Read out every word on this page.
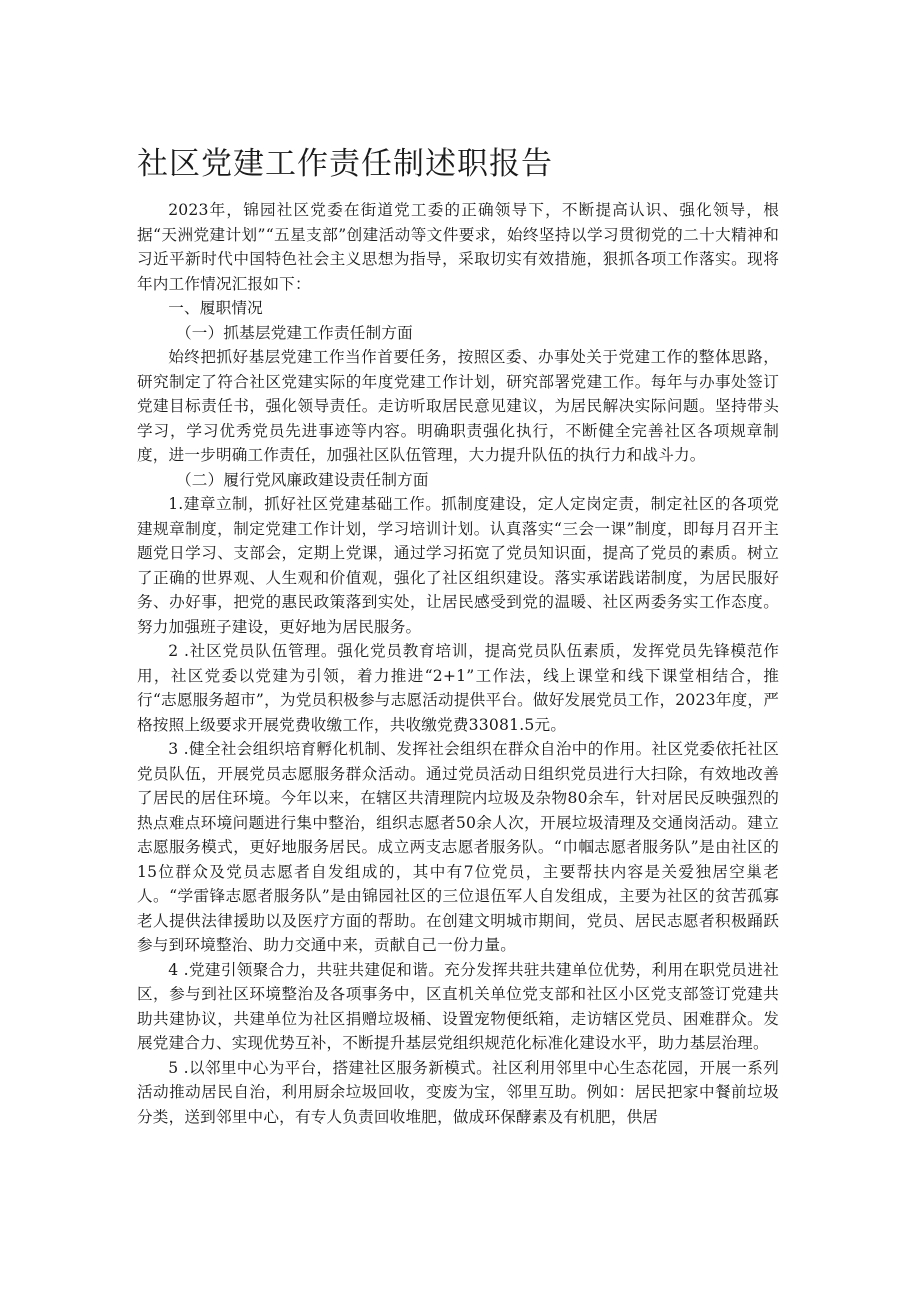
社区党建工作责任制述职报告

2023年，锦园社区党委在街道党工委的正确领导下，不断提高认识、强化领导，根据“天洲党建计划”“五星支部”创建活动等文件要求，始终坚持以学习贯彻党的二十大精神和习近平新时代中国特色社会主义思想为指导，采取切实有效措施，狠抓各项工作落实。现将年内工作情况汇报如下：

一、履职情况

（一）抓基层党建工作责任制方面

始终把抓好基层党建工作当作首要任务，按照区委、办事处关于党建工作的整体思路，研究制定了符合社区党建实际的年度党建工作计划，研究部署党建工作。每年与办事处签订党建目标责任书，强化领导责任。走访听取居民意见建议，为居民解决实际问题。坚持带头学习，学习优秀党员先进事迹等内容。明确职责强化执行，不断健全完善社区各项规章制度，进一步明确工作责任，加强社区队伍管理，大力提升队伍的执行力和战斗力。

（二）履行党风廉政建设责任制方面

1.建章立制，抓好社区党建基础工作。抓制度建设，定人定岗定责，制定社区的各项党建规章制度，制定党建工作计划，学习培训计划。认真落实“三会一课”制度，即每月召开主题党日学习、支部会，定期上党课，通过学习拓宽了党员知识面，提高了党员的素质。树立了正确的世界观、人生观和价值观，强化了社区组织建设。落实承诺践诺制度，为居民服好务、办好事，把党的惠民政策落到实处，让居民感受到党的温暖、社区两委务实工作态度。努力加强班子建设，更好地为居民服务。

2 .社区党员队伍管理。强化党员教育培训，提高党员队伍素质，发挥党员先锋模范作用，社区党委以党建为引领，着力推进“2+1”工作法，线上课堂和线下课堂相结合，推行“志愿服务超市”，为党员积极参与志愿活动提供平台。做好发展党员工作，2023年度，严格按照上级要求开展党费收缴工作，共收缴党费33081.5元。

3 .健全社会组织培育孵化机制、发挥社会组织在群众自治中的作用。社区党委依托社区党员队伍，开展党员志愿服务群众活动。通过党员活动日组织党员进行大扫除，有效地改善了居民的居住环境。今年以来，在辖区共清理院内垃圾及杂物80余车，针对居民反映强烈的热点难点环境问题进行集中整治，组织志愿者50余人次，开展垃圾清理及交通岗活动。建立志愿服务模式，更好地服务居民。成立两支志愿者服务队。“巾帼志愿者服务队”是由社区的15位群众及党员志愿者自发组成的，其中有7位党员，主要帮扶内容是关爱独居空巢老人。“学雷锋志愿者服务队”是由锦园社区的三位退伍军人自发组成，主要为社区的贫苦孤寡老人提供法律援助以及医疗方面的帮助。在创建文明城市期间，党员、居民志愿者积极踊跃参与到环境整治、助力交通中来，贡献自己一份力量。

4 .党建引领聚合力，共驻共建促和谐。充分发挥共驻共建单位优势，利用在职党员进社区，参与到社区环境整治及各项事务中，区直机关单位党支部和社区小区党支部签订党建共助共建协议，共建单位为社区捐赠垃圾桶、设置宠物便纸箱，走访辖区党员、困难群众。发展党建合力、实现优势互补，不断提升基层党组织规范化标准化建设水平，助力基层治理。

5 .以邻里中心为平台，搭建社区服务新模式。社区利用邻里中心生态花园，开展一系列活动推动居民自治，利用厨余垃圾回收，变废为宝，邻里互助。例如：居民把家中餐前垃圾分类，送到邻里中心，有专人负责回收堆肥，做成环保酵素及有机肥，供居
